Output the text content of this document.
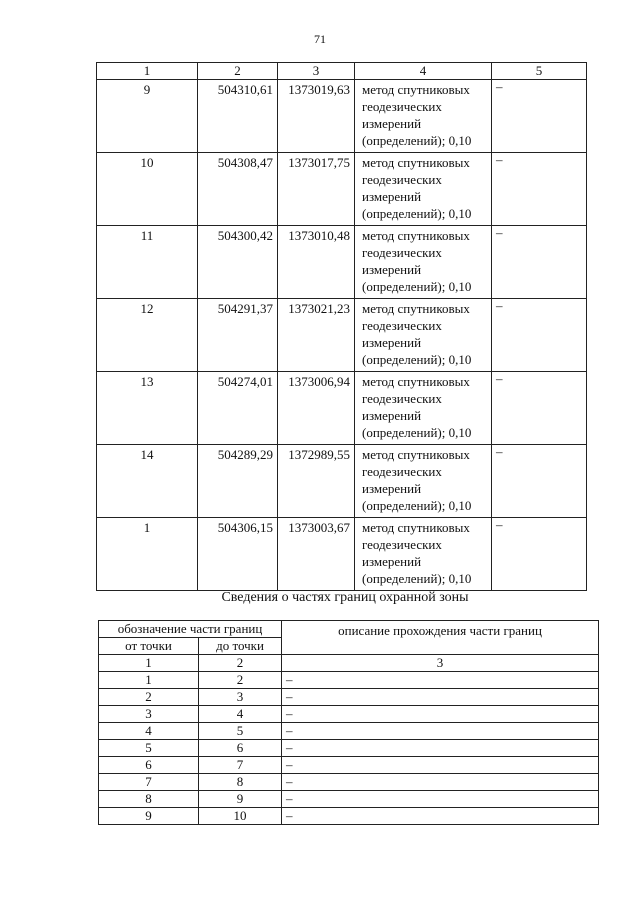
71
1	2	3	4	5
9	504310,61	1373019,63	метод спутниковых геодезических измерений (определений); 0,10	–
10	504308,47	1373017,75	метод спутниковых геодезических измерений (определений); 0,10	–
11	504300,42	1373010,48	метод спутниковых геодезических измерений (определений); 0,10	–
12	504291,37	1373021,23	метод спутниковых геодезических измерений (определений); 0,10	–
13	504274,01	1373006,94	метод спутниковых геодезических измерений (определений); 0,10	–
14	504289,29	1372989,55	метод спутниковых геодезических измерений (определений); 0,10	–
1	504306,15	1373003,67	метод спутниковых геодезических измерений (определений); 0,10	–
Сведения о частях границ охранной зоны
обозначение части границ		описание прохождения части границ
от точки	до точки	
1	2	3
1	2	–
2	3	–
3	4	–
4	5	–
5	6	–
6	7	–
7	8	–
8	9	–
9	10	–
